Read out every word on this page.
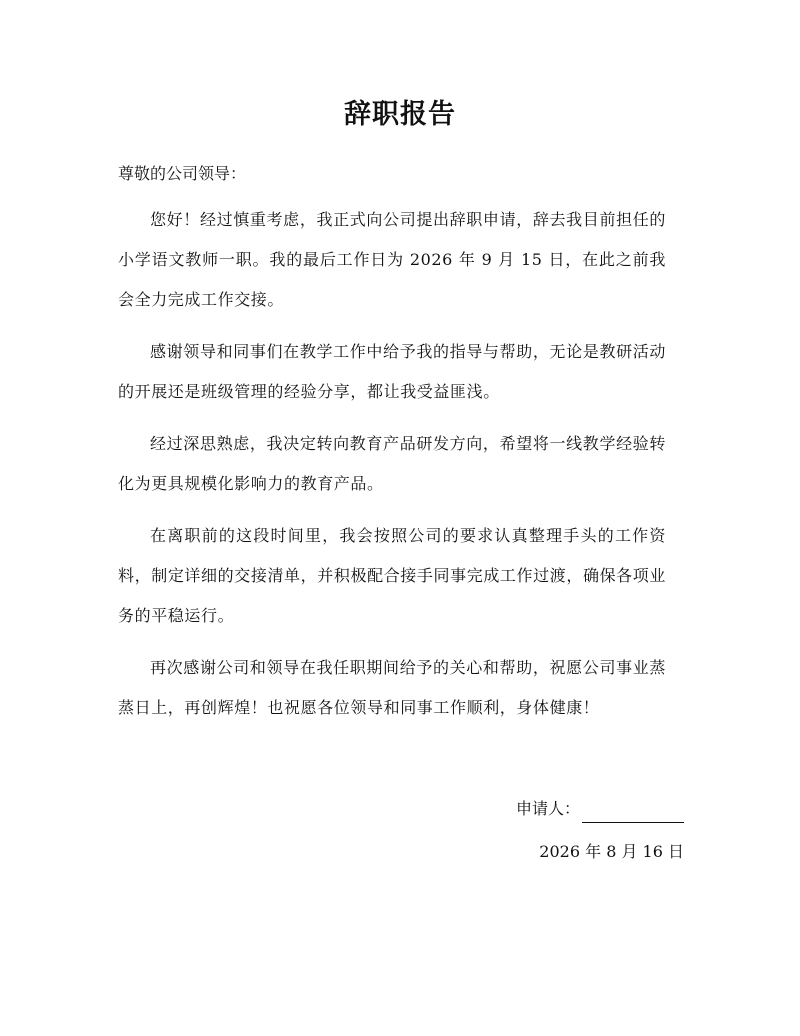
辞职报告

尊敬的公司领导：

您好！经过慎重考虑，我正式向公司提出辞职申请，辞去我目前担任的小学语文教师一职。我的最后工作日为 2026 年 9 月 15 日，在此之前我会全力完成工作交接。

感谢领导和同事们在教学工作中给予我的指导与帮助，无论是教研活动的开展还是班级管理的经验分享，都让我受益匪浅。

经过深思熟虑，我决定转向教育产品研发方向，希望将一线教学经验转化为更具规模化影响力的教育产品。

在离职前的这段时间里，我会按照公司的要求认真整理手头的工作资料，制定详细的交接清单，并积极配合接手同事完成工作过渡，确保各项业务的平稳运行。

再次感谢公司和领导在我任职期间给予的关心和帮助，祝愿公司事业蒸蒸日上，再创辉煌！也祝愿各位领导和同事工作顺利，身体健康！

申请人：

2026 年 8 月 16 日
